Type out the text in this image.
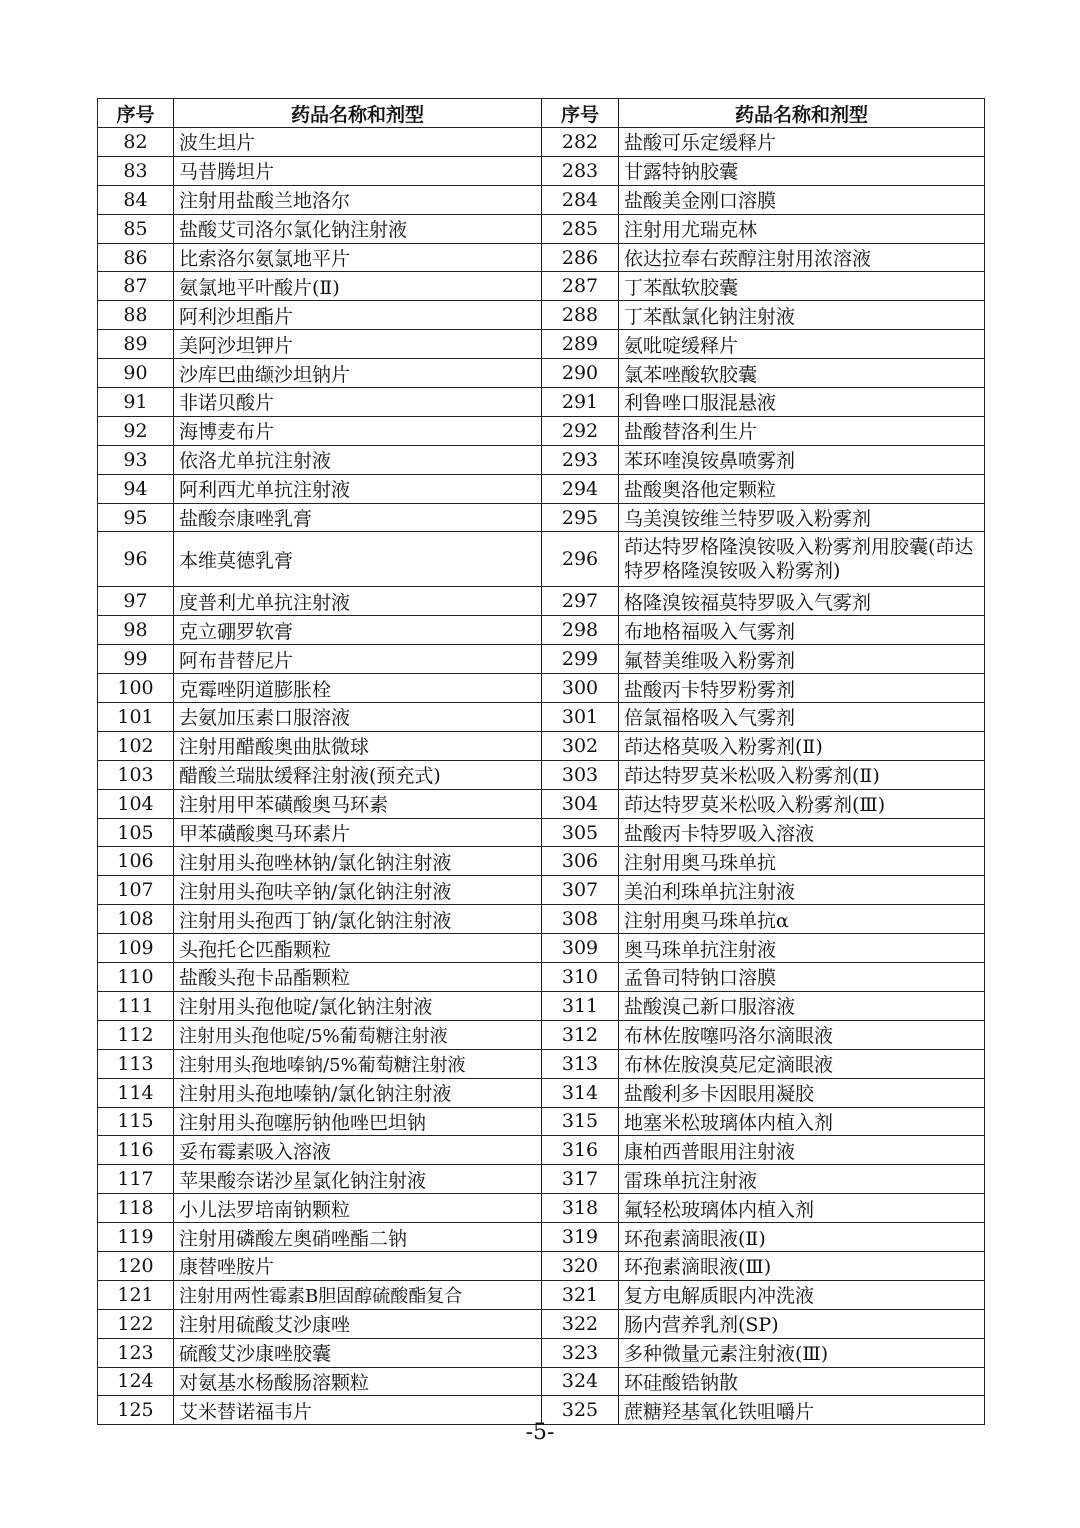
序号	药品名称和剂型	序号	药品名称和剂型
82	波生坦片	282	盐酸可乐定缓释片
83	马昔腾坦片	283	甘露特钠胶囊
84	注射用盐酸兰地洛尔	284	盐酸美金刚口溶膜
85	盐酸艾司洛尔氯化钠注射液	285	注射用尤瑞克林
86	比索洛尔氨氯地平片	286	依达拉奉右莰醇注射用浓溶液
87	氨氯地平叶酸片(Ⅱ)	287	丁苯酞软胶囊
88	阿利沙坦酯片	288	丁苯酞氯化钠注射液
89	美阿沙坦钾片	289	氨吡啶缓释片
90	沙库巴曲缬沙坦钠片	290	氯苯唑酸软胶囊
91	非诺贝酸片	291	利鲁唑口服混悬液
92	海博麦布片	292	盐酸替洛利生片
93	依洛尤单抗注射液	293	苯环喹溴铵鼻喷雾剂
94	阿利西尤单抗注射液	294	盐酸奥洛他定颗粒
95	盐酸奈康唑乳膏	295	乌美溴铵维兰特罗吸入粉雾剂
96	本维莫德乳膏	296	茚达特罗格隆溴铵吸入粉雾剂用胶囊(茚达特罗格隆溴铵吸入粉雾剂)
97	度普利尤单抗注射液	297	格隆溴铵福莫特罗吸入气雾剂
98	克立硼罗软膏	298	布地格福吸入气雾剂
99	阿布昔替尼片	299	氟替美维吸入粉雾剂
100	克霉唑阴道膨胀栓	300	盐酸丙卡特罗粉雾剂
101	去氨加压素口服溶液	301	倍氯福格吸入气雾剂
102	注射用醋酸奥曲肽微球	302	茚达格莫吸入粉雾剂(Ⅱ)
103	醋酸兰瑞肽缓释注射液(预充式)	303	茚达特罗莫米松吸入粉雾剂(Ⅱ)
104	注射用甲苯磺酸奥马环素	304	茚达特罗莫米松吸入粉雾剂(Ⅲ)
105	甲苯磺酸奥马环素片	305	盐酸丙卡特罗吸入溶液
106	注射用头孢唑林钠/氯化钠注射液	306	注射用奥马珠单抗
107	注射用头孢呋辛钠/氯化钠注射液	307	美泊利珠单抗注射液
108	注射用头孢西丁钠/氯化钠注射液	308	注射用奥马珠单抗α
109	头孢托仑匹酯颗粒	309	奥马珠单抗注射液
110	盐酸头孢卡品酯颗粒	310	孟鲁司特钠口溶膜
111	注射用头孢他啶/氯化钠注射液	311	盐酸溴己新口服溶液
112	注射用头孢他啶/5%葡萄糖注射液	312	布林佐胺噻吗洛尔滴眼液
113	注射用头孢地嗪钠/5%葡萄糖注射液	313	布林佐胺溴莫尼定滴眼液
114	注射用头孢地嗪钠/氯化钠注射液	314	盐酸利多卡因眼用凝胶
115	注射用头孢噻肟钠他唑巴坦钠	315	地塞米松玻璃体内植入剂
116	妥布霉素吸入溶液	316	康柏西普眼用注射液
117	苹果酸奈诺沙星氯化钠注射液	317	雷珠单抗注射液
118	小儿法罗培南钠颗粒	318	氟轻松玻璃体内植入剂
119	注射用磷酸左奥硝唑酯二钠	319	环孢素滴眼液(Ⅱ)
120	康替唑胺片	320	环孢素滴眼液(Ⅲ)
121	注射用两性霉素B胆固醇硫酸酯复合	321	复方电解质眼内冲洗液
122	注射用硫酸艾沙康唑	322	肠内营养乳剂(SP)
123	硫酸艾沙康唑胶囊	323	多种微量元素注射液(Ⅲ)
124	对氨基水杨酸肠溶颗粒	324	环硅酸锆钠散
125	艾米替诺福韦片	325	蔗糖羟基氧化铁咀嚼片
-5-
